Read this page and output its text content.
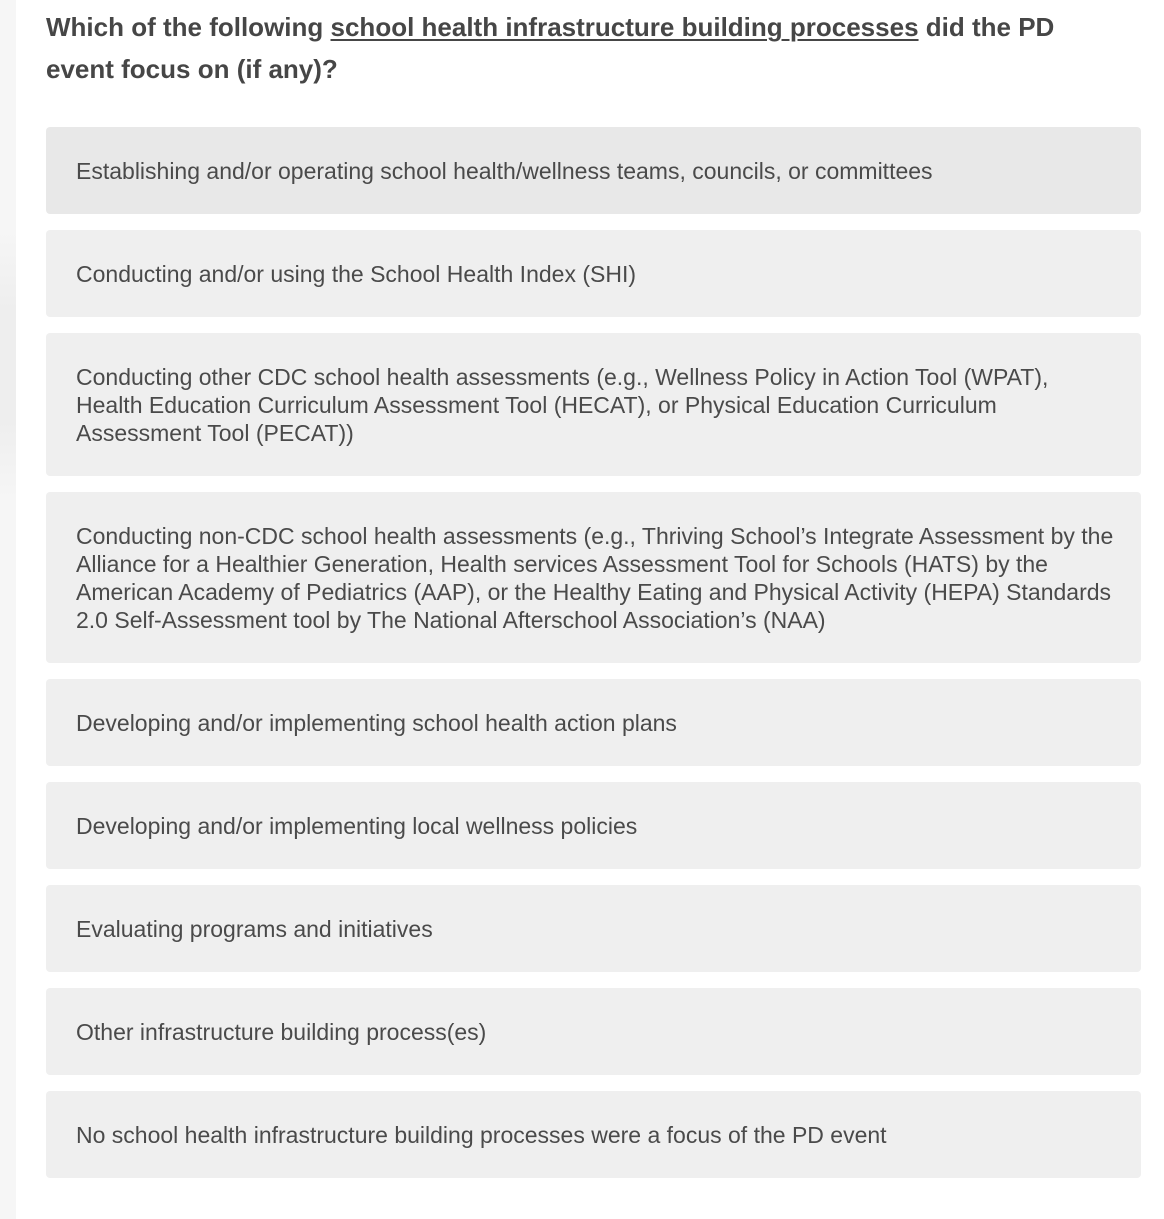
Which of the following school health infrastructure building processes did the PD event focus on (if any)?
Establishing and/or operating school health/wellness teams, councils, or committees
Conducting and/or using the School Health Index (SHI)
Conducting other CDC school health assessments (e.g., Wellness Policy in Action Tool (WPAT), Health Education Curriculum Assessment Tool (HECAT), or Physical Education Curriculum Assessment Tool (PECAT))
Conducting non-CDC school health assessments (e.g., Thriving School’s Integrate Assessment by the Alliance for a Healthier Generation, Health services Assessment Tool for Schools (HATS) by the American Academy of Pediatrics (AAP), or the Healthy Eating and Physical Activity (HEPA) Standards 2.0 Self-Assessment tool by The National Afterschool Association’s (NAA)
Developing and/or implementing school health action plans
Developing and/or implementing local wellness policies
Evaluating programs and initiatives
Other infrastructure building process(es)
No school health infrastructure building processes were a focus of the PD event
